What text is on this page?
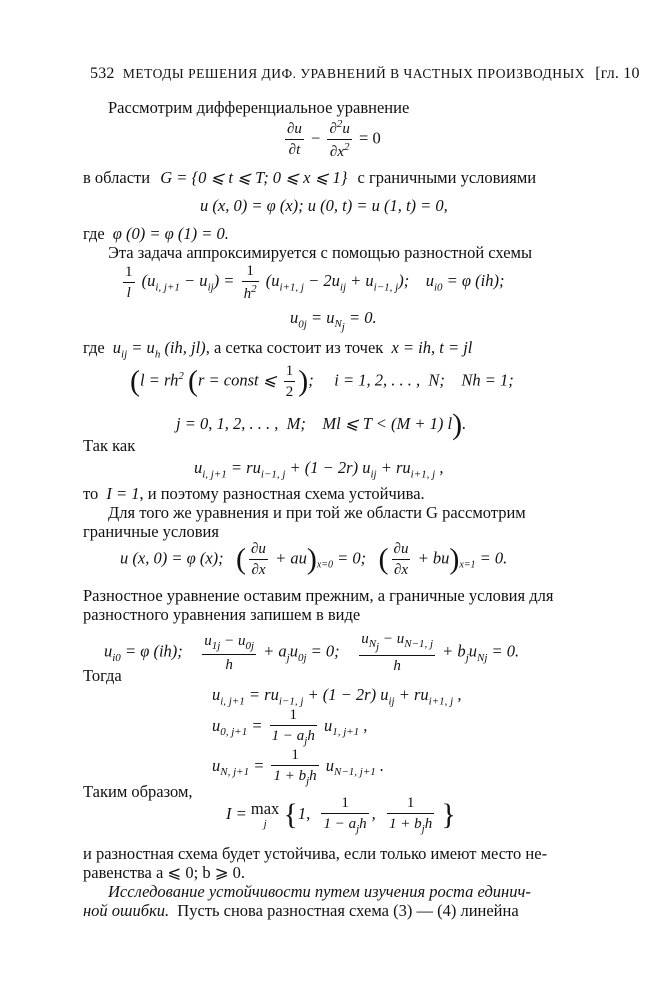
532 МЕТОДЫ РЕШЕНИЯ ДИФ. УРАВНЕНИЙ В ЧАСТНЫХ ПРОИЗВОДНЫХ [гл. 10
Рассмотрим дифференциальное уравнение
$\frac{\partial u}{\partial t} - \frac{\partial^2u}{\partial x^2} = 0$
в области G = {0 ⩽ t ⩽ T; 0 ⩽ x ⩽ 1} с граничными условиями
u (x, 0) = φ (x); u (0, t) = u (1, t) = 0,
где φ (0) = φ (1) = 0.
Эта задача аппроксимируется с помощью разностной схемы
$\frac{1}{l} (u_{i, j+1} - u_{ij}) = \frac{1}{h^2} (u_{i+1, j} - 2u_{ij} + u_{i-1, j})$;    $u_{i0} = \varphi$ (ih);
$u_{0j} = u_{N_j} = 0$.
где $u_{ij} = u_h$ (ih, jl), а сетка состоит из точек x = ih, t = jl
($l = rh^2$ (r = const ⩽ $\frac{1}{2}$ );     i = 1, 2, . . . ,  N;    Nh = 1;
j = 0, 1, 2, . . . ,  M;    Ml ⩽ T < (M + 1) l).
Так как
$u_{i, j+1} = ru_{i-1, j} + (1 - 2r) u_{ij} + ru_{i+1, j}$ ,
то I = 1, и поэтому разностная схема устойчива.
Для того же уравнения и при той же области G рассмотрим
граничные условия
u (x, 0) = φ (x);   ( $\frac{\partial u}{\partial x} + au)_{x=0} = 0$;   ( $\frac{\partial u}{\partial x} + bu)_{x=1} = 0$.
Разностное уравнение оставим прежним, а граничные условия для
разностного уравнения запишем в виде
$u_{i0} = \varphi$ (ih); $\frac{u_{1j} - u_{0j}}{h} + a_ju_{0j} = 0$; $\frac{u_{N_j} - u_{N-1, j}}{h} + b_ju_{Nj} = 0$.
Тогда
$u_{i, j+1} = ru_{i-1, j} + (1 - 2r) u_{ij} + ru_{i+1, j}$ ,
$u_{0, j+1} = \frac{1}{1 - a_jh} u_{1, j+1}$ ,
$u_{N, j+1} = \frac{1}{1 + b_jh} u_{N-1, j+1}$ .
Таким образом,
I = max
j {1, $\frac{1}{1 - a_jh}$ , $\frac{1}{1 + b_jh}$ }
и разностная схема будет устойчива, если только имеют место не-
равенства a ⩽ 0; b ⩾ 0.
Исследование устойчивости путем изучения роста единич-
ной ошибки. Пусть снова разностная схема (3) — (4) линейна
